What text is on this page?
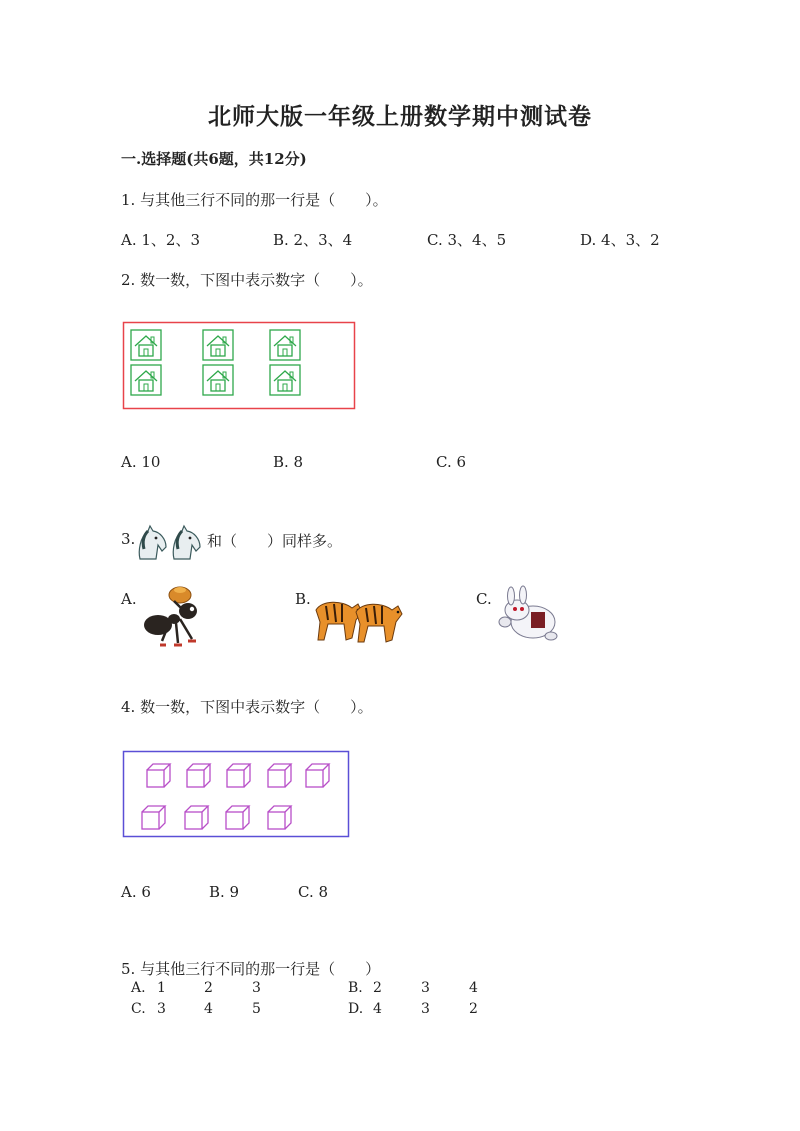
北师大版一年级上册数学期中测试卷
一.选择题(共6题，共12分)
1. 与其他三行不同的那一行是（　　）。
A. 1、2、3	B. 2、3、4	C. 3、4、5	D. 4、3、2
2. 数一数，下图中表示数字（　　）。
A. 10	B. 8	C. 6
3.	和（　　）同样多。
A.	B.	C.
4. 数一数，下图中表示数字（　　）。
A. 6	B. 9	C. 8
5. 与其他三行不同的那一行是（　　）
A. 1	2	3	B. 2	3	4
C. 3	4	5	D. 4	3	2
